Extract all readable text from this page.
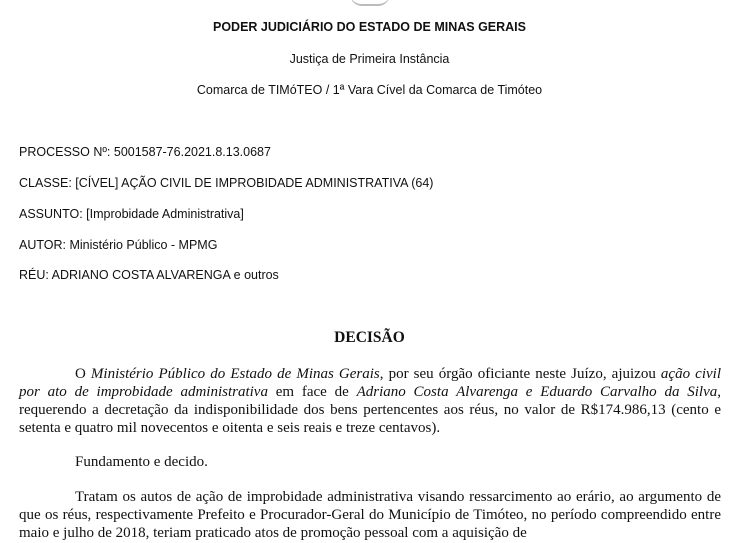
PODER JUDICIÁRIO DO ESTADO DE MINAS GERAIS
Justiça de Primeira Instância
Comarca de TIMóTEO / 1ª Vara Cível da Comarca de Timóteo
PROCESSO Nº: 5001587-76.2021.8.13.0687
CLASSE: [CÍVEL] AÇÃO CIVIL DE IMPROBIDADE ADMINISTRATIVA (64)
ASSUNTO: [Improbidade Administrativa]
AUTOR: Ministério Público - MPMG
RÉU: ADRIANO COSTA ALVARENGA e outros
DECISÃO

O Ministério Público do Estado de Minas Gerais, por seu órgão oficiante neste Juízo, ajuizou ação civil por ato de improbidade administrativa em face de Adriano Costa Alvarenga e Eduardo Carvalho da Silva, requerendo a decretação da indisponibilidade dos bens pertencentes aos réus, no valor de R$174.986,13 (cento e setenta e quatro mil novecentos e oitenta e seis reais e treze centavos).

Fundamento e decido.

Tratam os autos de ação de improbidade administrativa visando ressarcimento ao erário, ao argumento de que os réus, respectivamente Prefeito e Procurador-Geral do Município de Timóteo, no período compreendido entre maio e julho de 2018, teriam praticado atos de promoção pessoal com a aquisição de
